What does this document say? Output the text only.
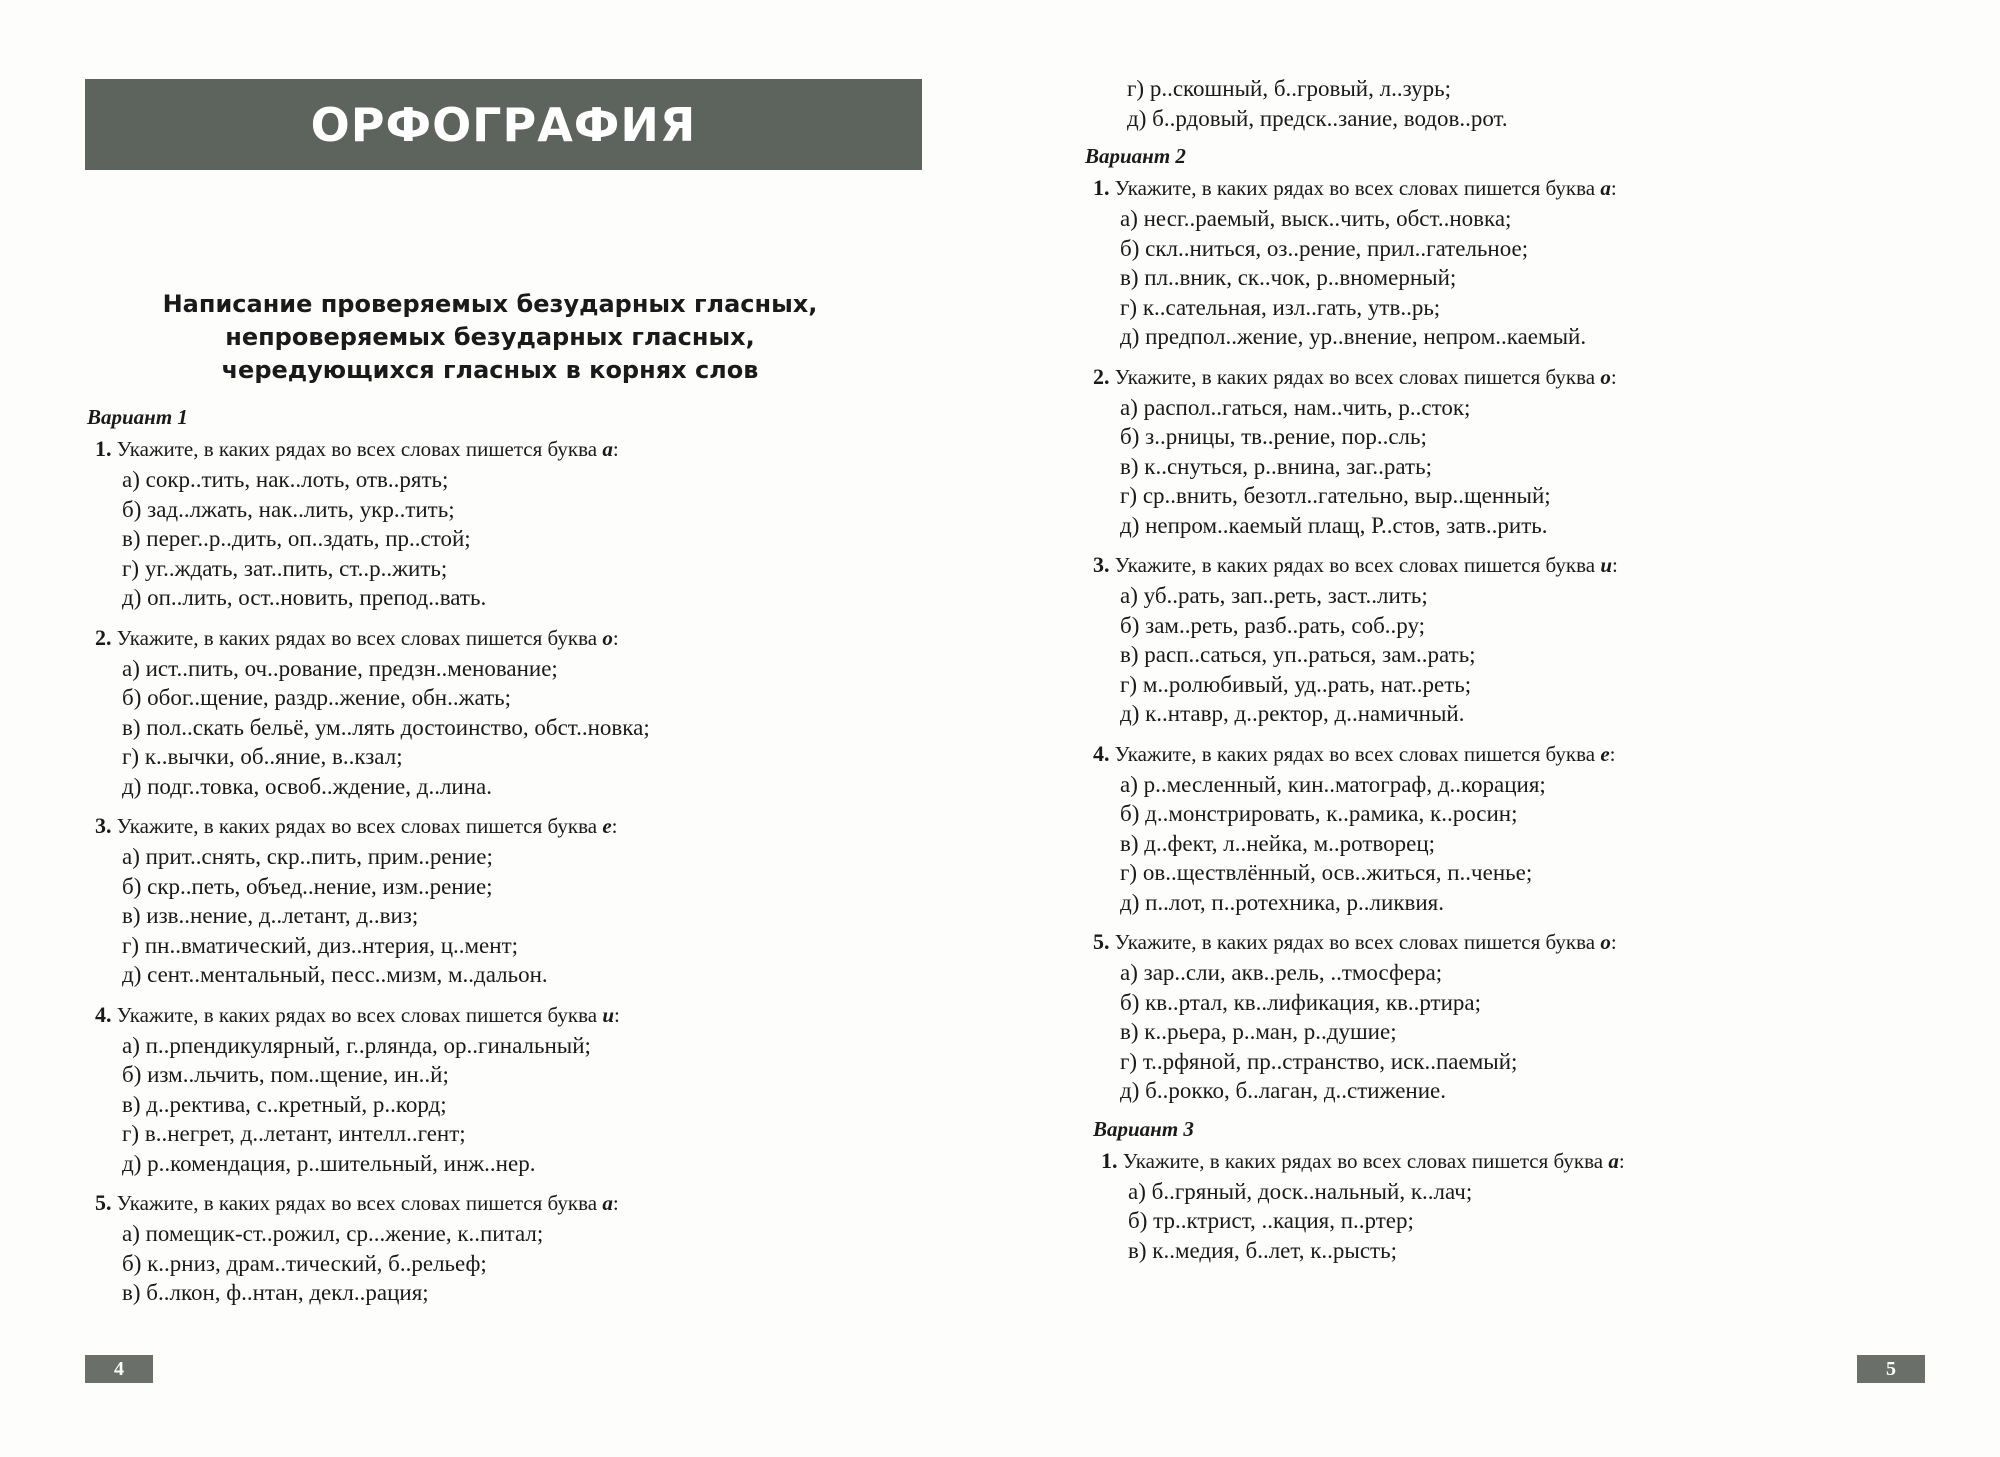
ОРФОГРАФИЯ
Написание проверяемых безударных гласных,
непроверяемых безударных гласных,
чередующихся гласных в корнях слов
Вариант 1
1. Укажите, в каких рядах во всех словах пишется буква а:
а) сокр..тить, нак..лоть, отв..рять;
б) зад..лжать, нак..лить, укр..тить;
в) перег..р..дить, оп..здать, пр..стой;
г) уг..ждать, зат..пить, ст..р..жить;
д) оп..лить, ост..новить, препод..вать.
2. Укажите, в каких рядах во всех словах пишется буква о:
а) ист..пить, оч..рование, предзн..менование;
б) обог..щение, раздр..жение, обн..жать;
в) пол..скать бельё, ум..лять достоинство, обст..новка;
г) к..вычки, об..яние, в..кзал;
д) подг..товка, освоб..ждение, д..лина.
3. Укажите, в каких рядах во всех словах пишется буква е:
а) прит..снять, скр..пить, прим..рение;
б) скр..петь, объед..нение, изм..рение;
в) изв..нение, д..летант, д..виз;
г) пн..вматический, диз..нтерия, ц..мент;
д) сент..ментальный, песс..мизм, м..дальон.
4. Укажите, в каких рядах во всех словах пишется буква и:
а) п..рпендикулярный, г..рлянда, ор..гинальный;
б) изм..льчить, пом..щение, ин..й;
в) д..ректива, с..кретный, р..корд;
г) в..негрет, д..летант, интелл..гент;
д) р..комендация, р..шительный, инж..нер.
5. Укажите, в каких рядах во всех словах пишется буква а:
а) помещик-ст..рожил, ср...жение, к..питал;
б) к..рниз, драм..тический, б..рельеф;
в) б..лкон, ф..нтан, декл..рация;
4
г) р..скошный, б..гровый, л..зурь;
д) б..рдовый, предск..зание, водов..рот.
Вариант 2
1. Укажите, в каких рядах во всех словах пишется буква а:
а) несг..раемый, выск..чить, обст..новка;
б) скл..ниться, оз..рение, прил..гательное;
в) пл..вник, ск..чок, р..вномерный;
г) к..сательная, изл..гать, утв..рь;
д) предпол..жение, ур..внение, непром..каемый.
2. Укажите, в каких рядах во всех словах пишется буква о:
а) распол..гаться, нам..чить, р..сток;
б) з..рницы, тв..рение, пор..сль;
в) к..снуться, р..внина, заг..рать;
г) ср..внить, безотл..гательно, выр..щенный;
д) непром..каемый плащ, Р..стов, затв..рить.
3. Укажите, в каких рядах во всех словах пишется буква и:
а) уб..рать, зап..реть, заст..лить;
б) зам..реть, разб..рать, соб..ру;
в) расп..саться, уп..раться, зам..рать;
г) м..ролюбивый, уд..рать, нат..реть;
д) к..нтавр, д..ректор, д..намичный.
4. Укажите, в каких рядах во всех словах пишется буква е:
а) р..месленный, кин..матограф, д..корация;
б) д..монстрировать, к..рамика, к..росин;
в) д..фект, л..нейка, м..ротворец;
г) ов..ществлённый, осв..житься, п..ченье;
д) п..лот, п..ротехника, р..ликвия.
5. Укажите, в каких рядах во всех словах пишется буква о:
а) зар..сли, акв..рель, ..тмосфера;
б) кв..ртал, кв..лификация, кв..ртира;
в) к..рьера, р..ман, р..душие;
г) т..рфяной, пр..странство, иск..паемый;
д) б..рокко, б..лаган, д..стижение.
Вариант 3
1. Укажите, в каких рядах во всех словах пишется буква а:
а) б..гряный, доск..нальный, к..лач;
б) тр..ктрист, ..кация, п..ртер;
в) к..медия, б..лет, к..рысть;
5
